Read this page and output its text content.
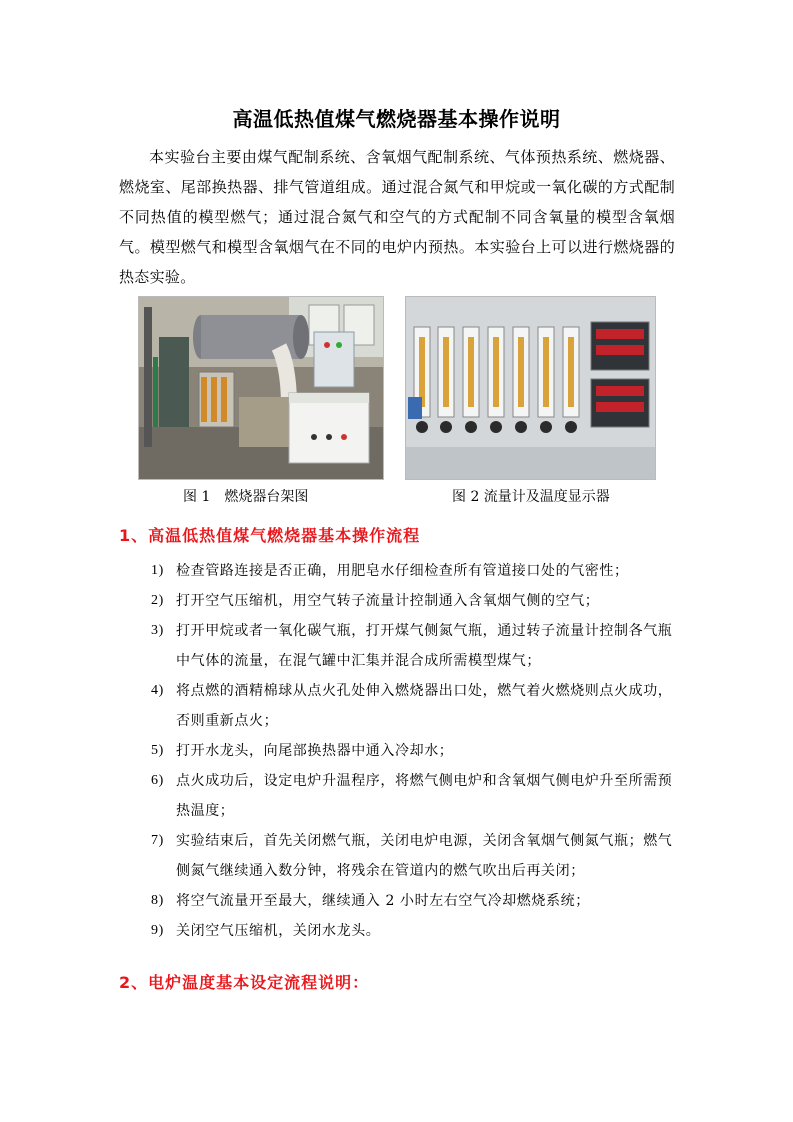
高温低热值煤气燃烧器基本操作说明

本实验台主要由煤气配制系统、含氧烟气配制系统、气体预热系统、燃烧器、燃烧室、尾部换热器、排气管道组成。通过混合氮气和甲烷或一氧化碳的方式配制不同热值的模型燃气；通过混合氮气和空气的方式配制不同含氧量的模型含氧烟气。模型燃气和模型含氧烟气在不同的电炉内预热。本实验台上可以进行燃烧器的热态实验。

图 1　燃烧器台架图	图 2 流量计及温度显示器
1、高温低热值煤气燃烧器基本操作流程
1) 检查管路连接是否正确，用肥皂水仔细检查所有管道接口处的气密性；
2) 打开空气压缩机，用空气转子流量计控制通入含氧烟气侧的空气；
3) 打开甲烷或者一氧化碳气瓶，打开煤气侧氮气瓶，通过转子流量计控制各气瓶中气体的流量，在混气罐中汇集并混合成所需模型煤气；
4) 将点燃的酒精棉球从点火孔处伸入燃烧器出口处，燃气着火燃烧则点火成功，否则重新点火；
5) 打开水龙头，向尾部换热器中通入冷却水；
6) 点火成功后，设定电炉升温程序，将燃气侧电炉和含氧烟气侧电炉升至所需预热温度；
7) 实验结束后，首先关闭燃气瓶，关闭电炉电源，关闭含氧烟气侧氮气瓶；燃气侧氮气继续通入数分钟，将残余在管道内的燃气吹出后再关闭；
8) 将空气流量开至最大，继续通入 2 小时左右空气冷却燃烧系统；
9) 关闭空气压缩机，关闭水龙头。
2、电炉温度基本设定流程说明：
